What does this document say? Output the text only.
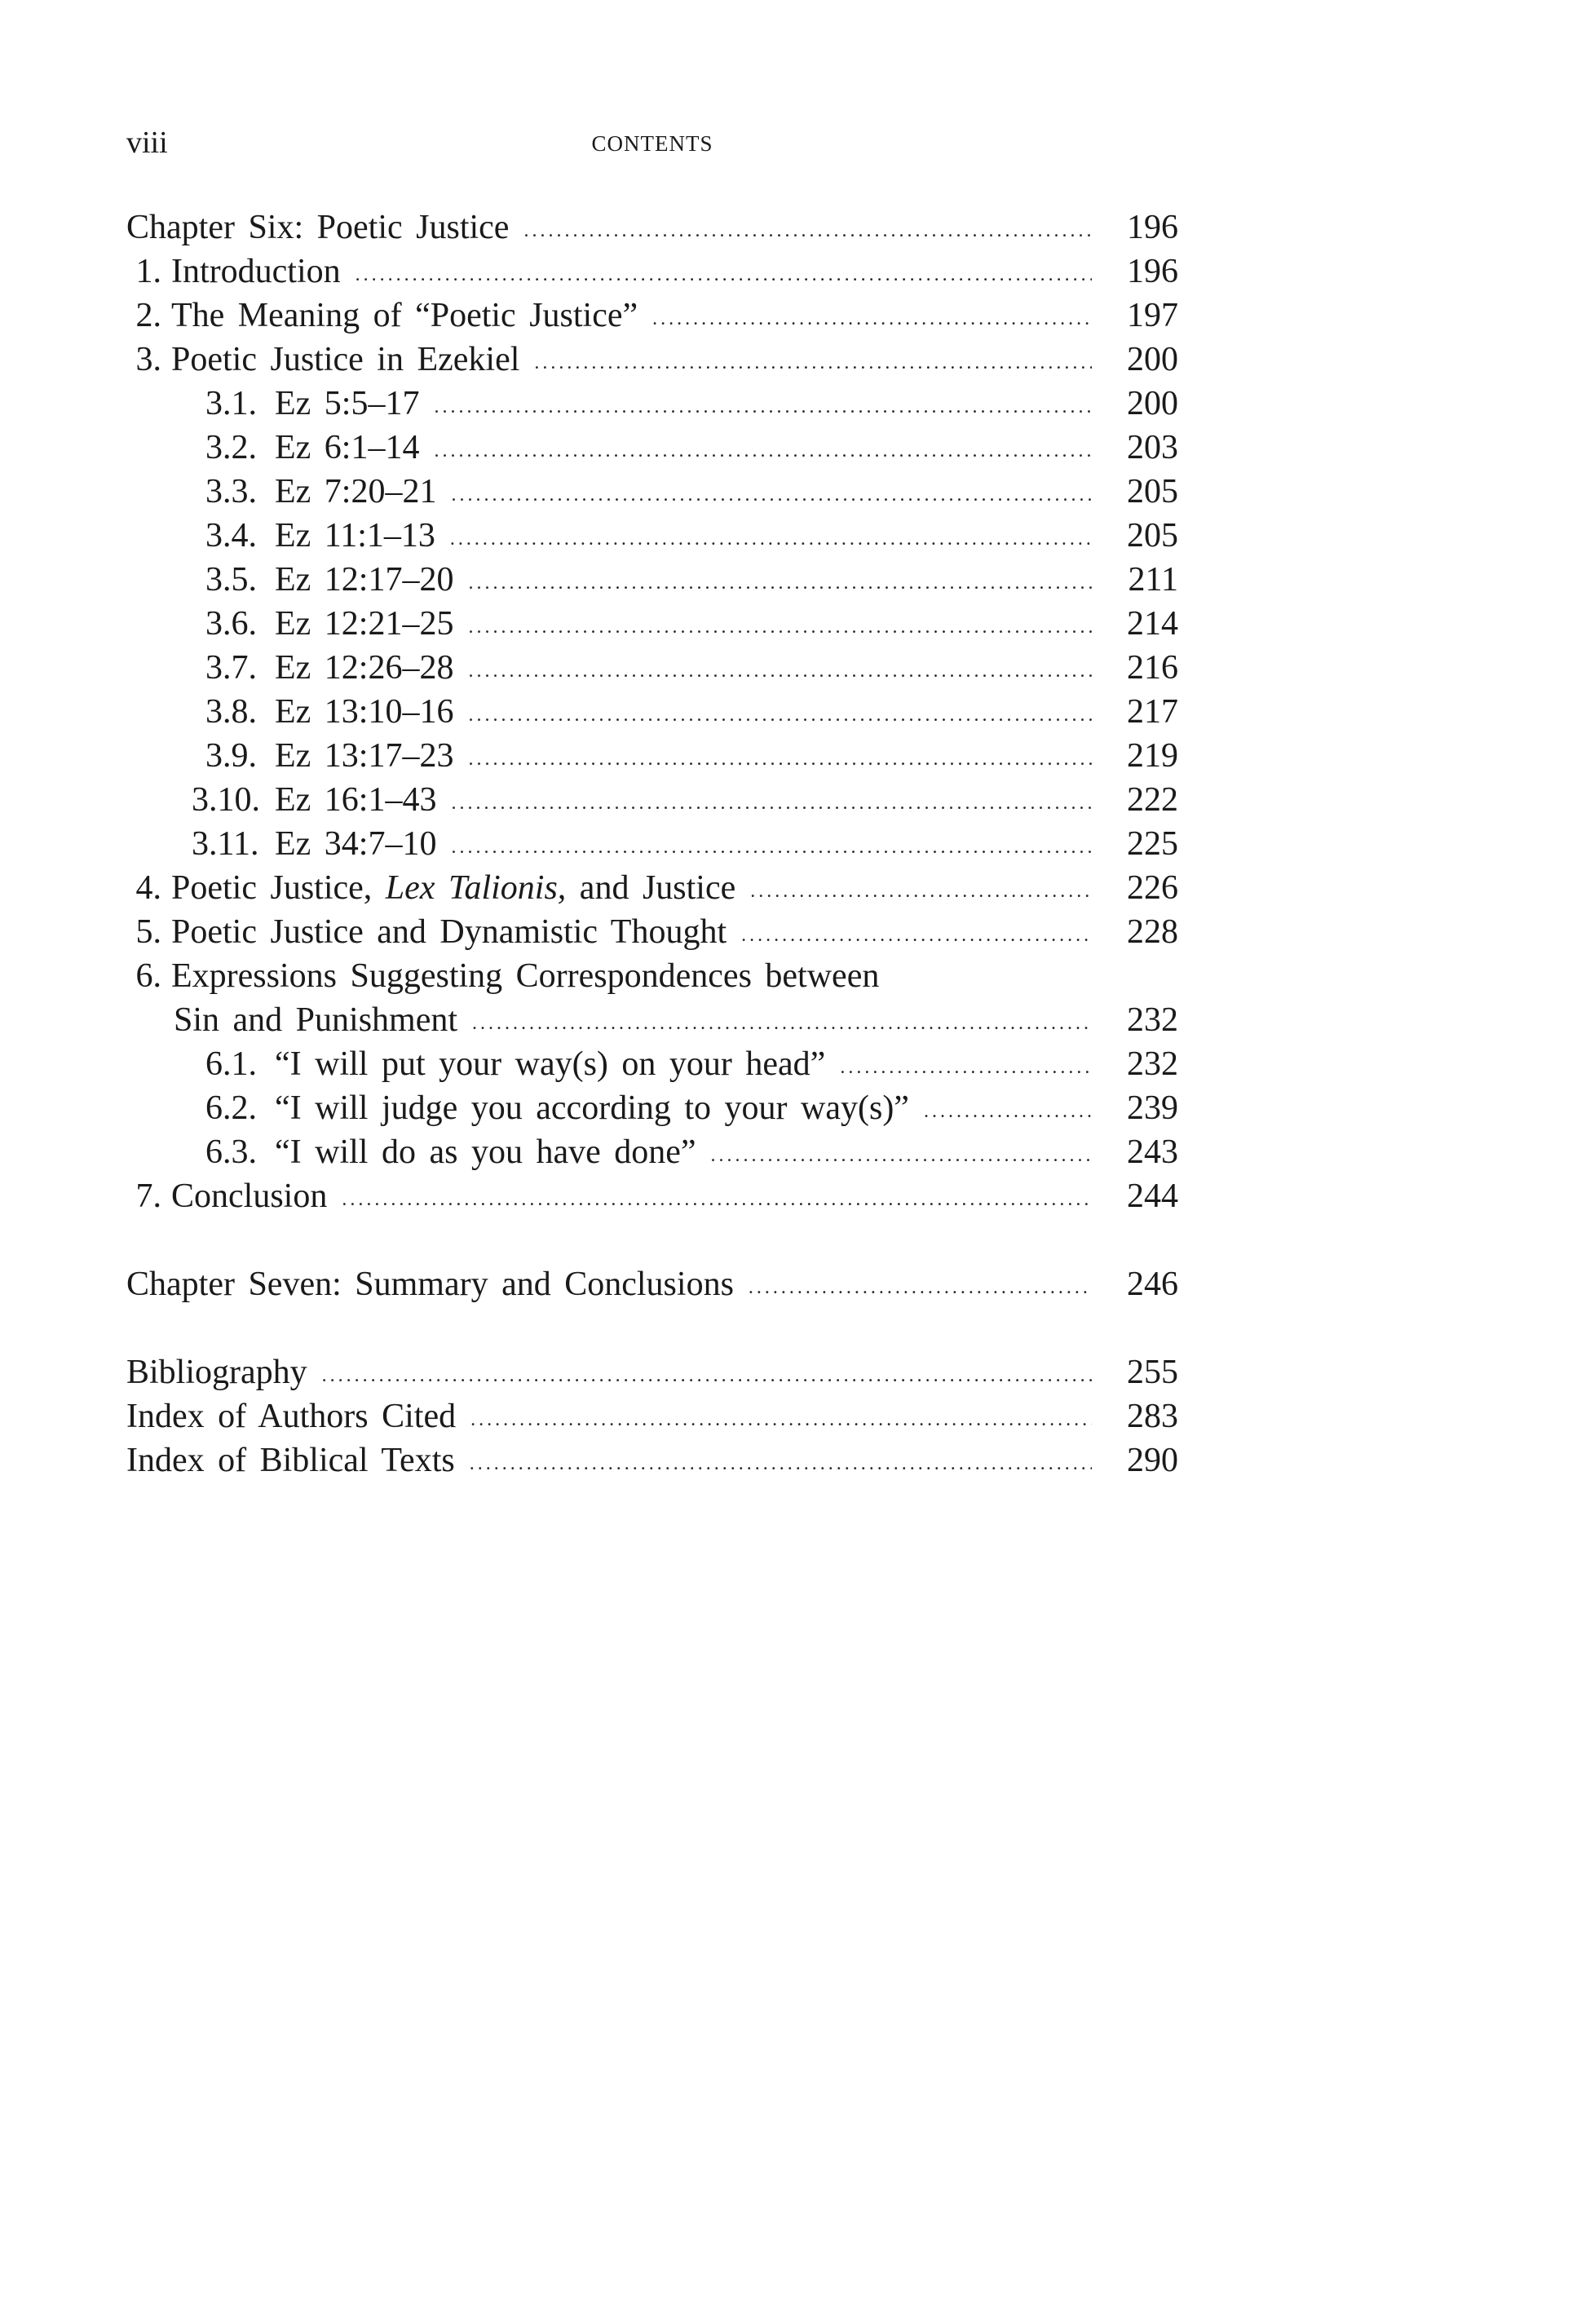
viii	CONTENTS
Chapter Six: Poetic Justice . . .	196
1. Introduction . . .	196
2. The Meaning of “Poetic Justice” . . .	197
3. Poetic Justice in Ezekiel . . .	200
3.1. Ez 5:5–17 . . .	200
3.2. Ez 6:1–14 . . .	203
3.3. Ez 7:20–21 . . .	205
3.4. Ez 11:1–13 . . .	205
3.5. Ez 12:17–20 . . .	211
3.6. Ez 12:21–25 . . .	214
3.7. Ez 12:26–28 . . .	216
3.8. Ez 13:10–16 . . .	217
3.9. Ez 13:17–23 . . .	219
3.10. Ez 16:1–43 . . .	222
3.11. Ez 34:7–10 . . .	225
4. Poetic Justice, Lex Talionis, and Justice . . .	226
5. Poetic Justice and Dynamistic Thought . . .	228
6. Expressions Suggesting Correspondences between
Sin and Punishment . . .	232
6.1. “I will put your way(s) on your head” . . .	232
6.2. “I will judge you according to your way(s)” . . .	239
6.3. “I will do as you have done” . . .	243
7. Conclusion . . .	244
Chapter Seven: Summary and Conclusions . . .	246
Bibliography . . .	255
Index of Authors Cited . . .	283
Index of Biblical Texts . . .	290
